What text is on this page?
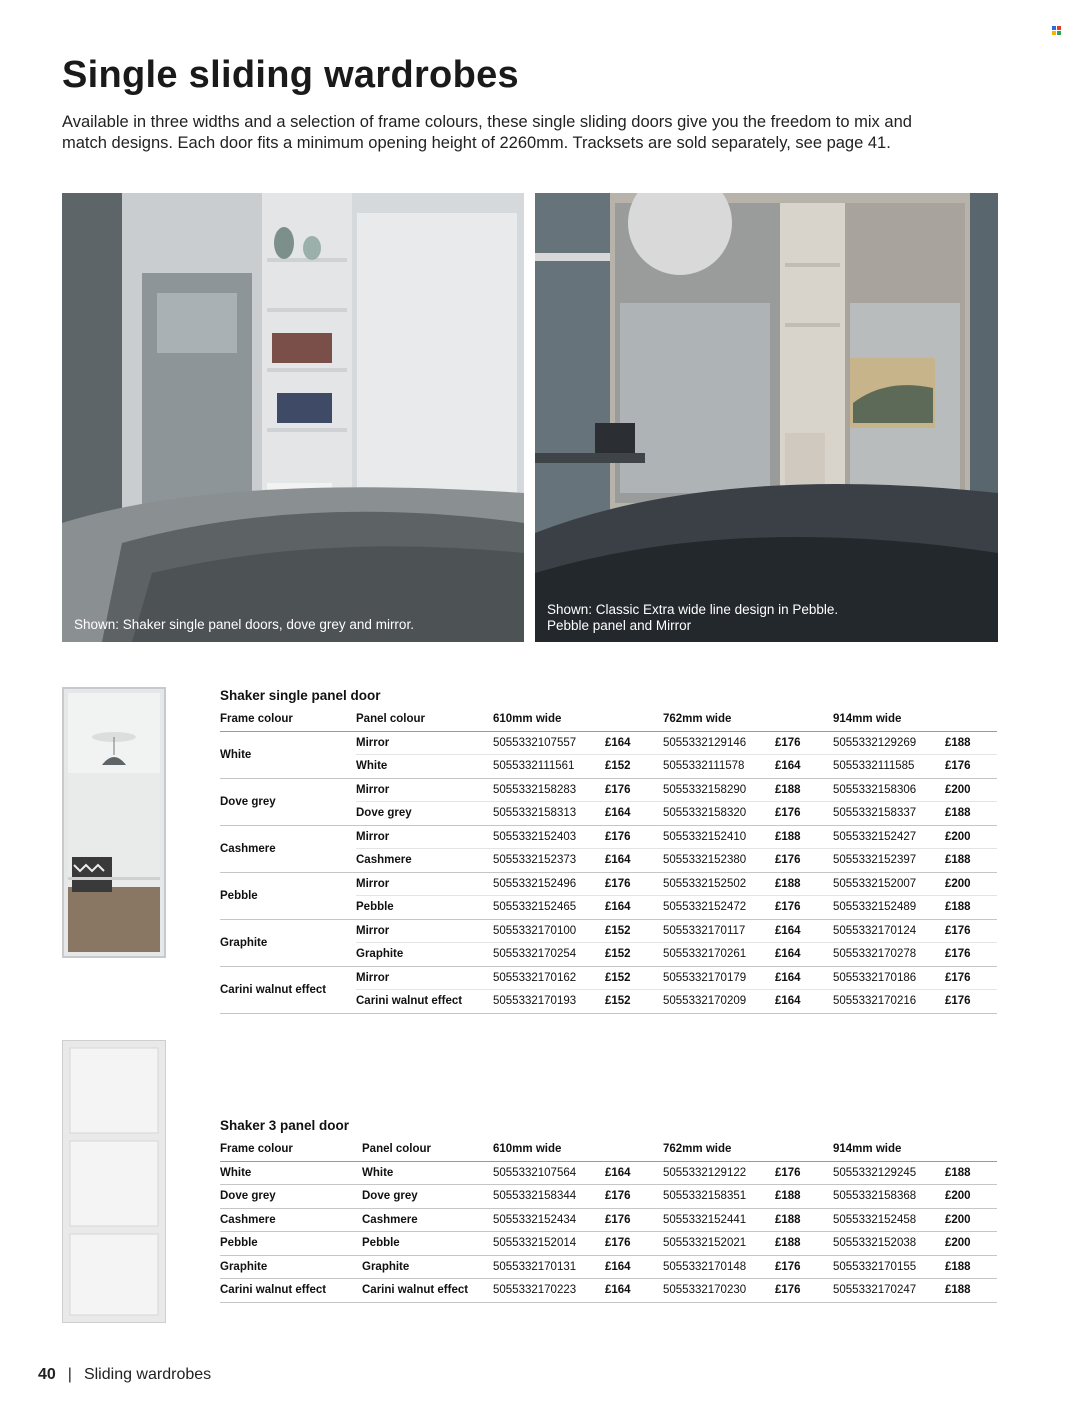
Single sliding wardrobes

Available in three widths and a selection of frame colours, these single sliding doors give you the freedom to mix and match designs. Each door fits a minimum opening height of 2260mm. Tracksets are sold separately, see page 41.

Shown: Shaker single panel doors, dove grey and mirror.
Shown: Classic Extra wide line design in Pebble.
Pebble panel and Mirror
Shaker single panel door
Frame colour	Panel colour	610mm wide		762mm wide		914mm wide	
White	Mirror	5055332107557	£164	5055332129146	£176	5055332129269	£188
	White	5055332111561	£152	5055332111578	£164	5055332111585	£176
Dove grey	Mirror	5055332158283	£176	5055332158290	£188	5055332158306	£200
	Dove grey	5055332158313	£164	5055332158320	£176	5055332158337	£188
Cashmere	Mirror	5055332152403	£176	5055332152410	£188	5055332152427	£200
	Cashmere	5055332152373	£164	5055332152380	£176	5055332152397	£188
Pebble	Mirror	5055332152496	£176	5055332152502	£188	5055332152007	£200
	Pebble	5055332152465	£164	5055332152472	£176	5055332152489	£188
Graphite	Mirror	5055332170100	£152	5055332170117	£164	5055332170124	£176
	Graphite	5055332170254	£152	5055332170261	£164	5055332170278	£176
Carini walnut effect	Mirror	5055332170162	£152	5055332170179	£164	5055332170186	£176
	Carini walnut effect	5055332170193	£152	5055332170209	£164	5055332170216	£176
Shaker 3 panel door
Frame colour	Panel colour	610mm wide		762mm wide		914mm wide	
White	White	5055332107564	£164	5055332129122	£176	5055332129245	£188
Dove grey	Dove grey	5055332158344	£176	5055332158351	£188	5055332158368	£200
Cashmere	Cashmere	5055332152434	£176	5055332152441	£188	5055332152458	£200
Pebble	Pebble	5055332152014	£176	5055332152021	£188	5055332152038	£200
Graphite	Graphite	5055332170131	£164	5055332170148	£176	5055332170155	£188
Carini walnut effect	Carini walnut effect	5055332170223	£164	5055332170230	£176	5055332170247	£188
40 | Sliding wardrobes
